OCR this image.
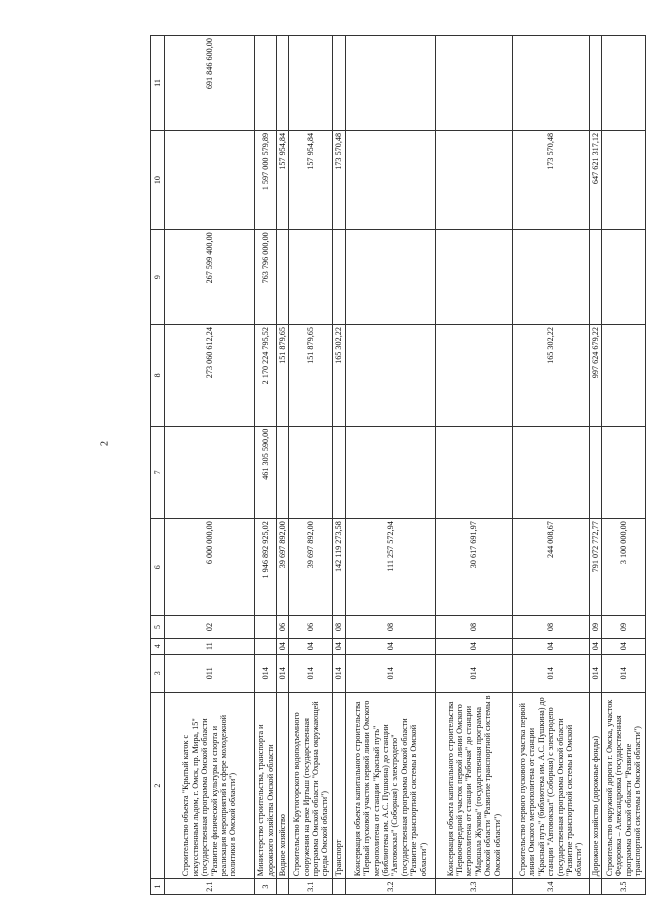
2
1	2	3	4	5	6	7	8	9	10	11
2.1	Строительство объекта "Крытый каток с искусственным льдом, г. Омск, пр. Мира, 15" (государственная программа Омской области "Развитие физической культуры и спорта и реализация мероприятий в сфере молодежной политики в Омской области")	011	11	02	6 000 000,00		273 060 612,24	267 599 400,00		691 846 600,00
3	Министерство строительства, транспорта и дорожного хозяйства Омской области	014			1 946 892 925,02	461 305 590,00	2 170 224 795,52	763 796 000,00	1 597 000 579,89	
	Водное хозяйство	014	04	06	39 697 892,00		151 879,65		157 954,84	
3.1	Строительство Крутогорского водоподъемного сооружения на реке Иртыш (государственная программа Омской области "Охрана окружающей среды Омской области")	014	04	06	39 697 892,00		151 879,65		157 954,84	
	Транспорт	014	04	08	142 119 273,58		165 302,22		173 570,48	
3.2	Консервация объекта капитального строительства "Первый пусковой участок первой линии Омского метрополитена от станции "Красный путь" (библиотека им. А.С. Пушкина) до станции "Автовокзал" (Соборная) с электродепо" (государственная программа Омской области "Развитие транспортной системы в Омской области")	014	04	08	111 257 572,94					
3.3	Консервация объекта капитального строительства "Первоочередной участок первой линии Омского метрополитена от станции "Рабочая" до станции "Маршала Жукова" (государственная программа Омской области "Развитие транспортной системы в Омской области")	014	04	08	30 617 691,97					
3.4	Строительство первого пускового участка первой линии Омского метрополитена от станции "Красный путь" (библиотека им. А.С. Пушкина) до станции "Автовокзал" (Соборная) с электродепо (государственная программа Омской области "Развитие транспортной системы в Омской области")	014	04	08	244 008,67		165 302,22		173 570,48	
	Дорожное хозяйство (дорожные фонды)	014	04	09	791 072 772,77		997 624 679,22		647 621 317,12	
3.5	Строительство окружной дороги г. Омска, участок Федоровка – Александровка (государственная программа Омской области "Развитие транспортной системы в Омской области")	014	04	09	3 100 000,00					
